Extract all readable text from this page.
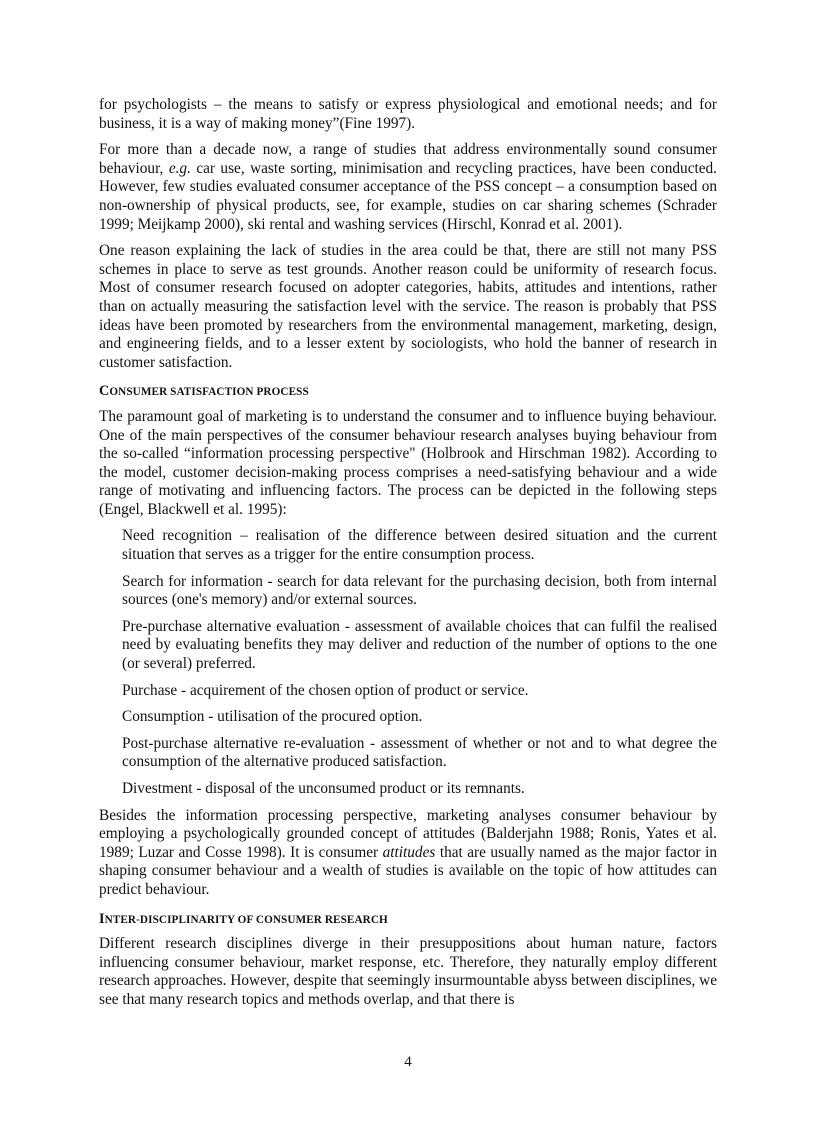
for psychologists – the means to satisfy or express physiological and emotional needs; and for business, it is a way of making money”(Fine 1997).

For more than a decade now, a range of studies that address environmentally sound consumer behaviour, e.g. car use, waste sorting, minimisation and recycling practices, have been conducted. However, few studies evaluated consumer acceptance of the PSS concept – a consumption based on non-ownership of physical products, see, for example, studies on car sharing schemes (Schrader 1999; Meijkamp 2000), ski rental and washing services (Hirschl, Konrad et al. 2001).

One reason explaining the lack of studies in the area could be that, there are still not many PSS schemes in place to serve as test grounds. Another reason could be uniformity of research focus. Most of consumer research focused on adopter categories, habits, attitudes and intentions, rather than on actually measuring the satisfaction level with the service. The reason is probably that PSS ideas have been promoted by researchers from the environmental management, marketing, design, and engineering fields, and to a lesser extent by sociologists, who hold the banner of research in customer satisfaction.

CONSUMER SATISFACTION PROCESS

The paramount goal of marketing is to understand the consumer and to influence buying behaviour. One of the main perspectives of the consumer behaviour research analyses buying behaviour from the so-called “information processing perspective" (Holbrook and Hirschman 1982). According to the model, customer decision-making process comprises a need-satisfying behaviour and a wide range of motivating and influencing factors. The process can be depicted in the following steps (Engel, Blackwell et al. 1995):

Need recognition – realisation of the difference between desired situation and the current situation that serves as a trigger for the entire consumption process.
Search for information - search for data relevant for the purchasing decision, both from internal sources (one's memory) and/or external sources.
Pre-purchase alternative evaluation - assessment of available choices that can fulfil the realised need by evaluating benefits they may deliver and reduction of the number of options to the one (or several) preferred.
Purchase - acquirement of the chosen option of product or service.
Consumption - utilisation of the procured option.
Post-purchase alternative re-evaluation - assessment of whether or not and to what degree the consumption of the alternative produced satisfaction.
Divestment - disposal of the unconsumed product or its remnants.

Besides the information processing perspective, marketing analyses consumer behaviour by employing a psychologically grounded concept of attitudes (Balderjahn 1988; Ronis, Yates et al. 1989; Luzar and Cosse 1998). It is consumer attitudes that are usually named as the major factor in shaping consumer behaviour and a wealth of studies is available on the topic of how attitudes can predict behaviour.

INTER-DISCIPLINARITY OF CONSUMER RESEARCH

Different research disciplines diverge in their presuppositions about human nature, factors influencing consumer behaviour, market response, etc. Therefore, they naturally employ different research approaches. However, despite that seemingly insurmountable abyss between disciplines, we see that many research topics and methods overlap, and that there is

4
